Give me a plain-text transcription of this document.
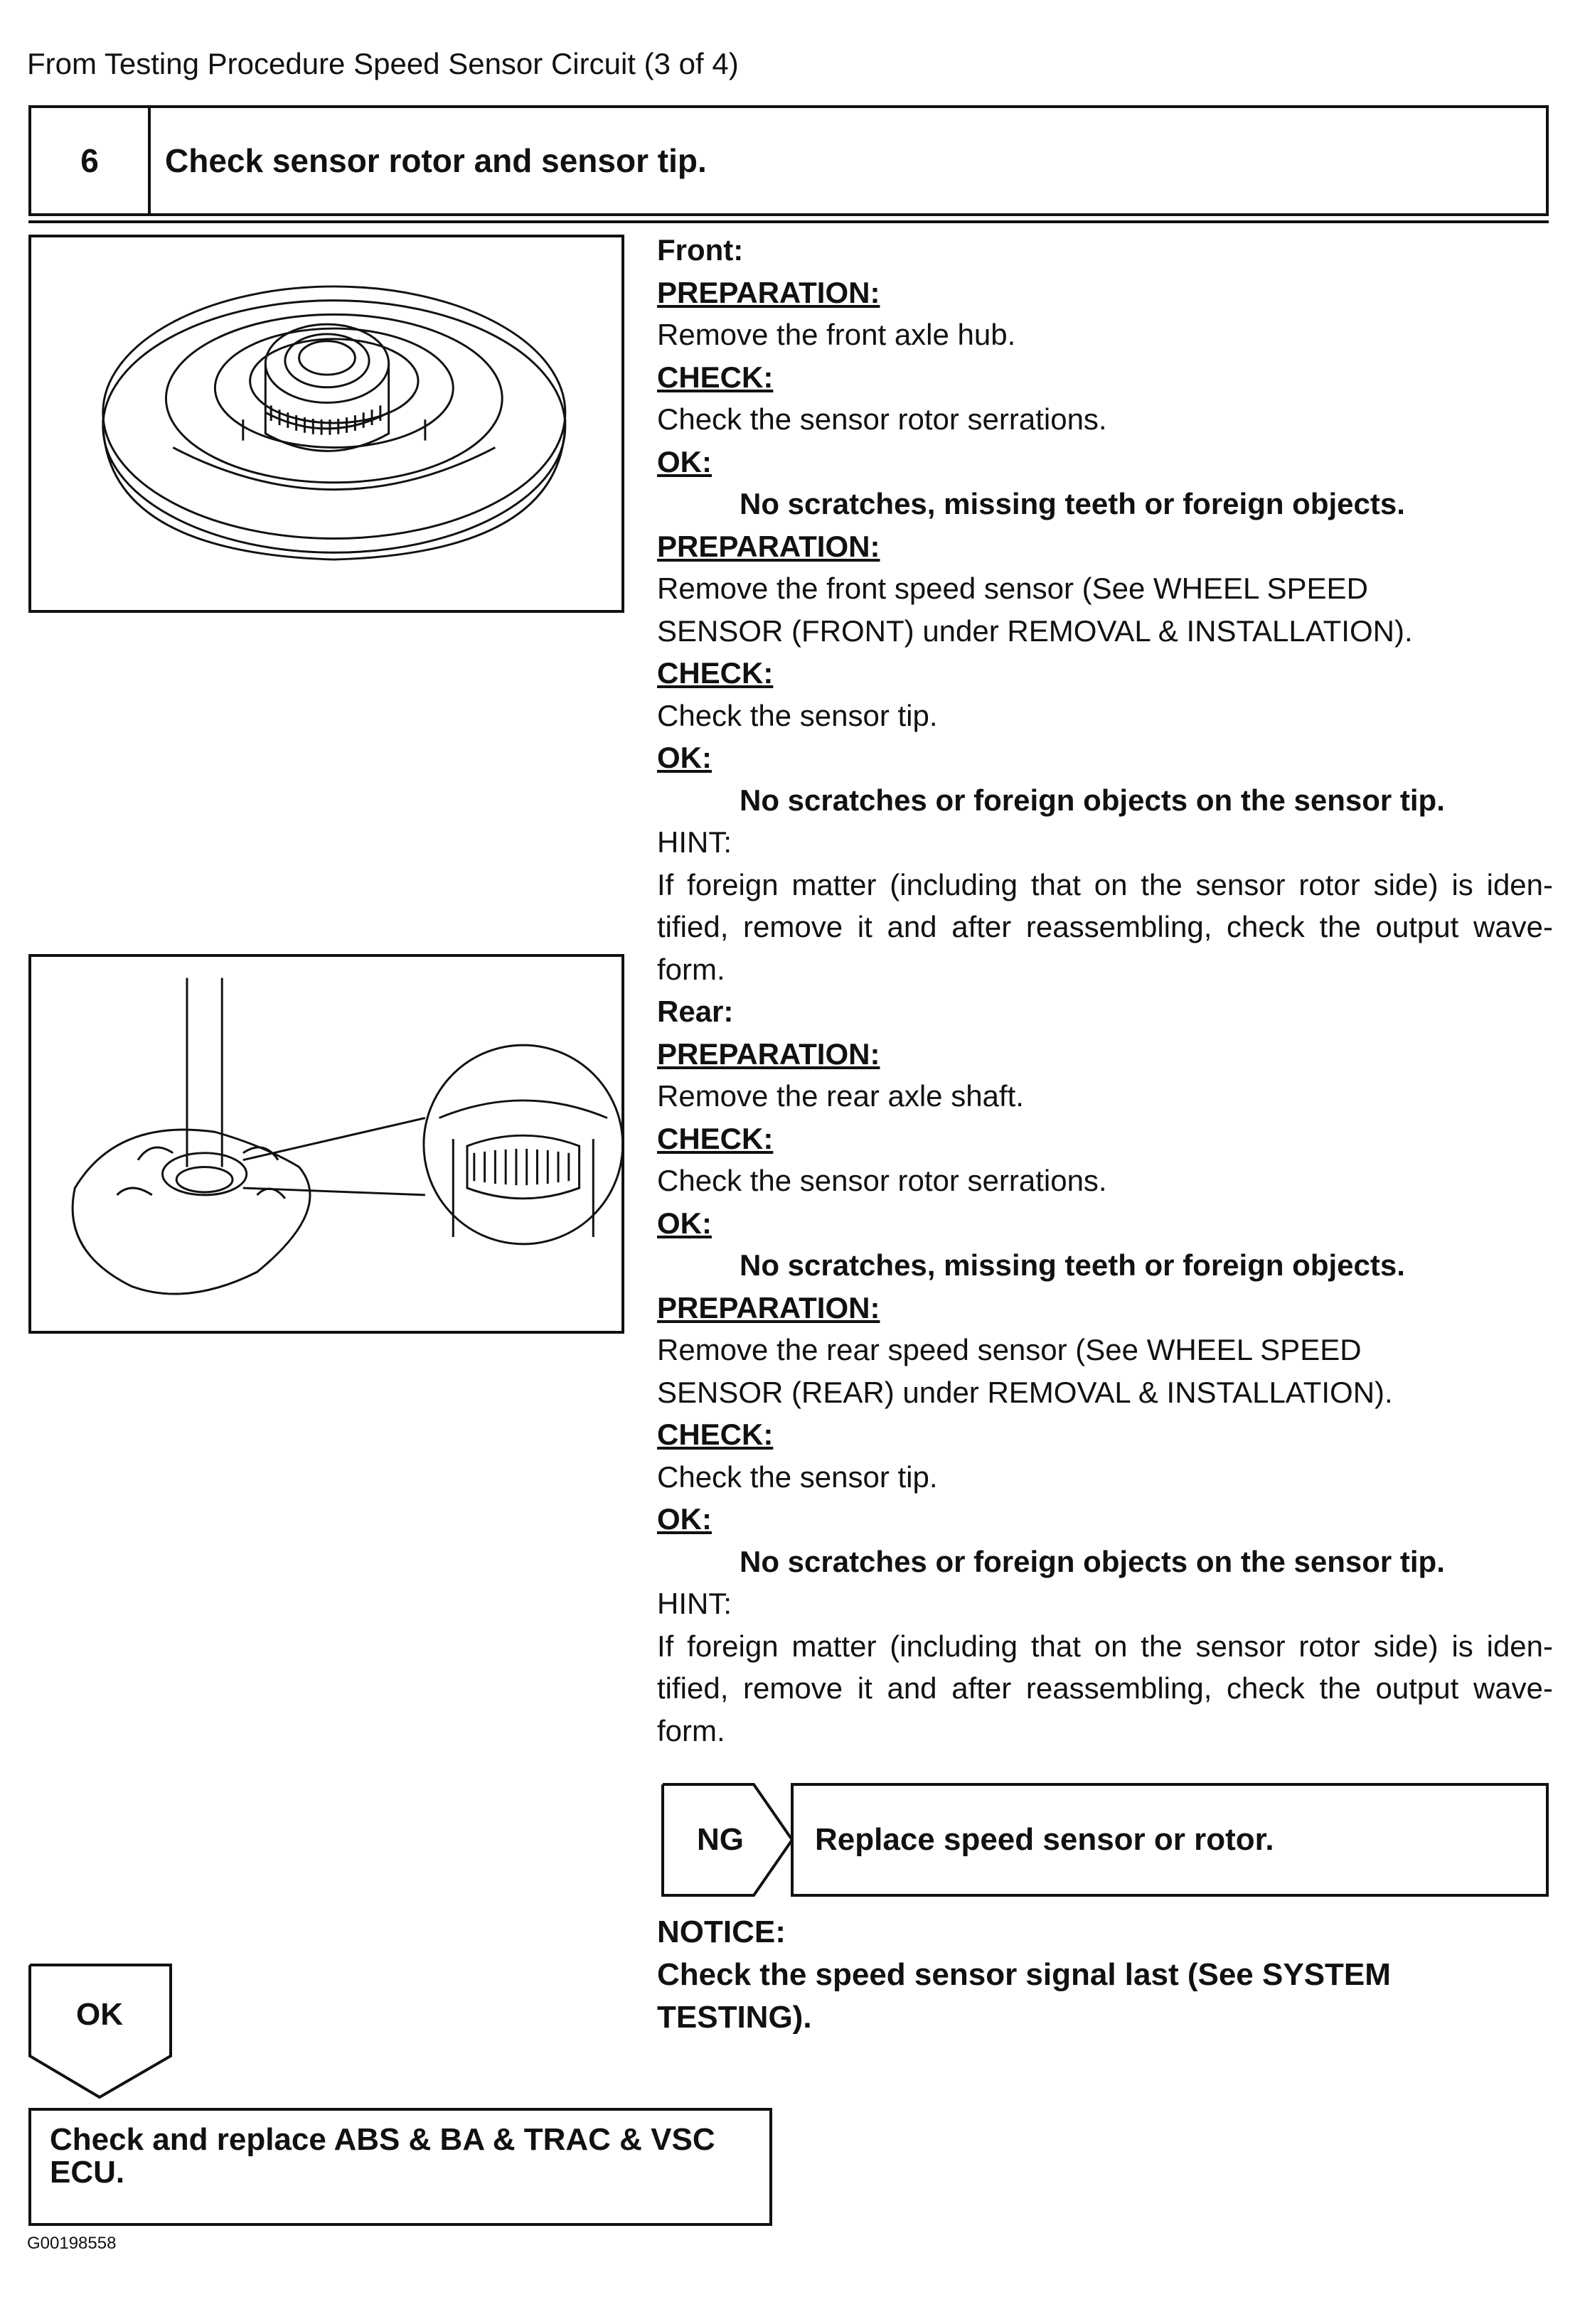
From Testing Procedure Speed Sensor Circuit (3 of 4)
6	Check sensor rotor and sensor tip.
Front:
PREPARATION:
Remove the front axle hub.
CHECK:
Check the sensor rotor serrations.
OK:
No scratches, missing teeth or foreign objects.
PREPARATION:
Remove the front speed sensor (See WHEEL SPEED
SENSOR (FRONT) under REMOVAL & INSTALLATION).
CHECK:
Check the sensor tip.
OK:
No scratches or foreign objects on the sensor tip.
HINT:
If foreign matter (including that on the sensor rotor side) is iden-
tified, remove it and after reassembling, check the output wave-
form.
Rear:
PREPARATION:
Remove the rear axle shaft.
CHECK:
Check the sensor rotor serrations.
OK:
No scratches, missing teeth or foreign objects.
PREPARATION:
Remove the rear speed sensor (See WHEEL SPEED
SENSOR (REAR) under REMOVAL & INSTALLATION).
CHECK:
Check the sensor tip.
OK:
No scratches or foreign objects on the sensor tip.
HINT:
If foreign matter (including that on the sensor rotor side) is iden-
tified, remove it and after reassembling, check the output wave-
form.
NG	Replace speed sensor or rotor.
NOTICE:
Check the speed sensor signal last (See SYSTEM
TESTING).
OK
Check and replace ABS & BA & TRAC & VSC
ECU.
G00198558
